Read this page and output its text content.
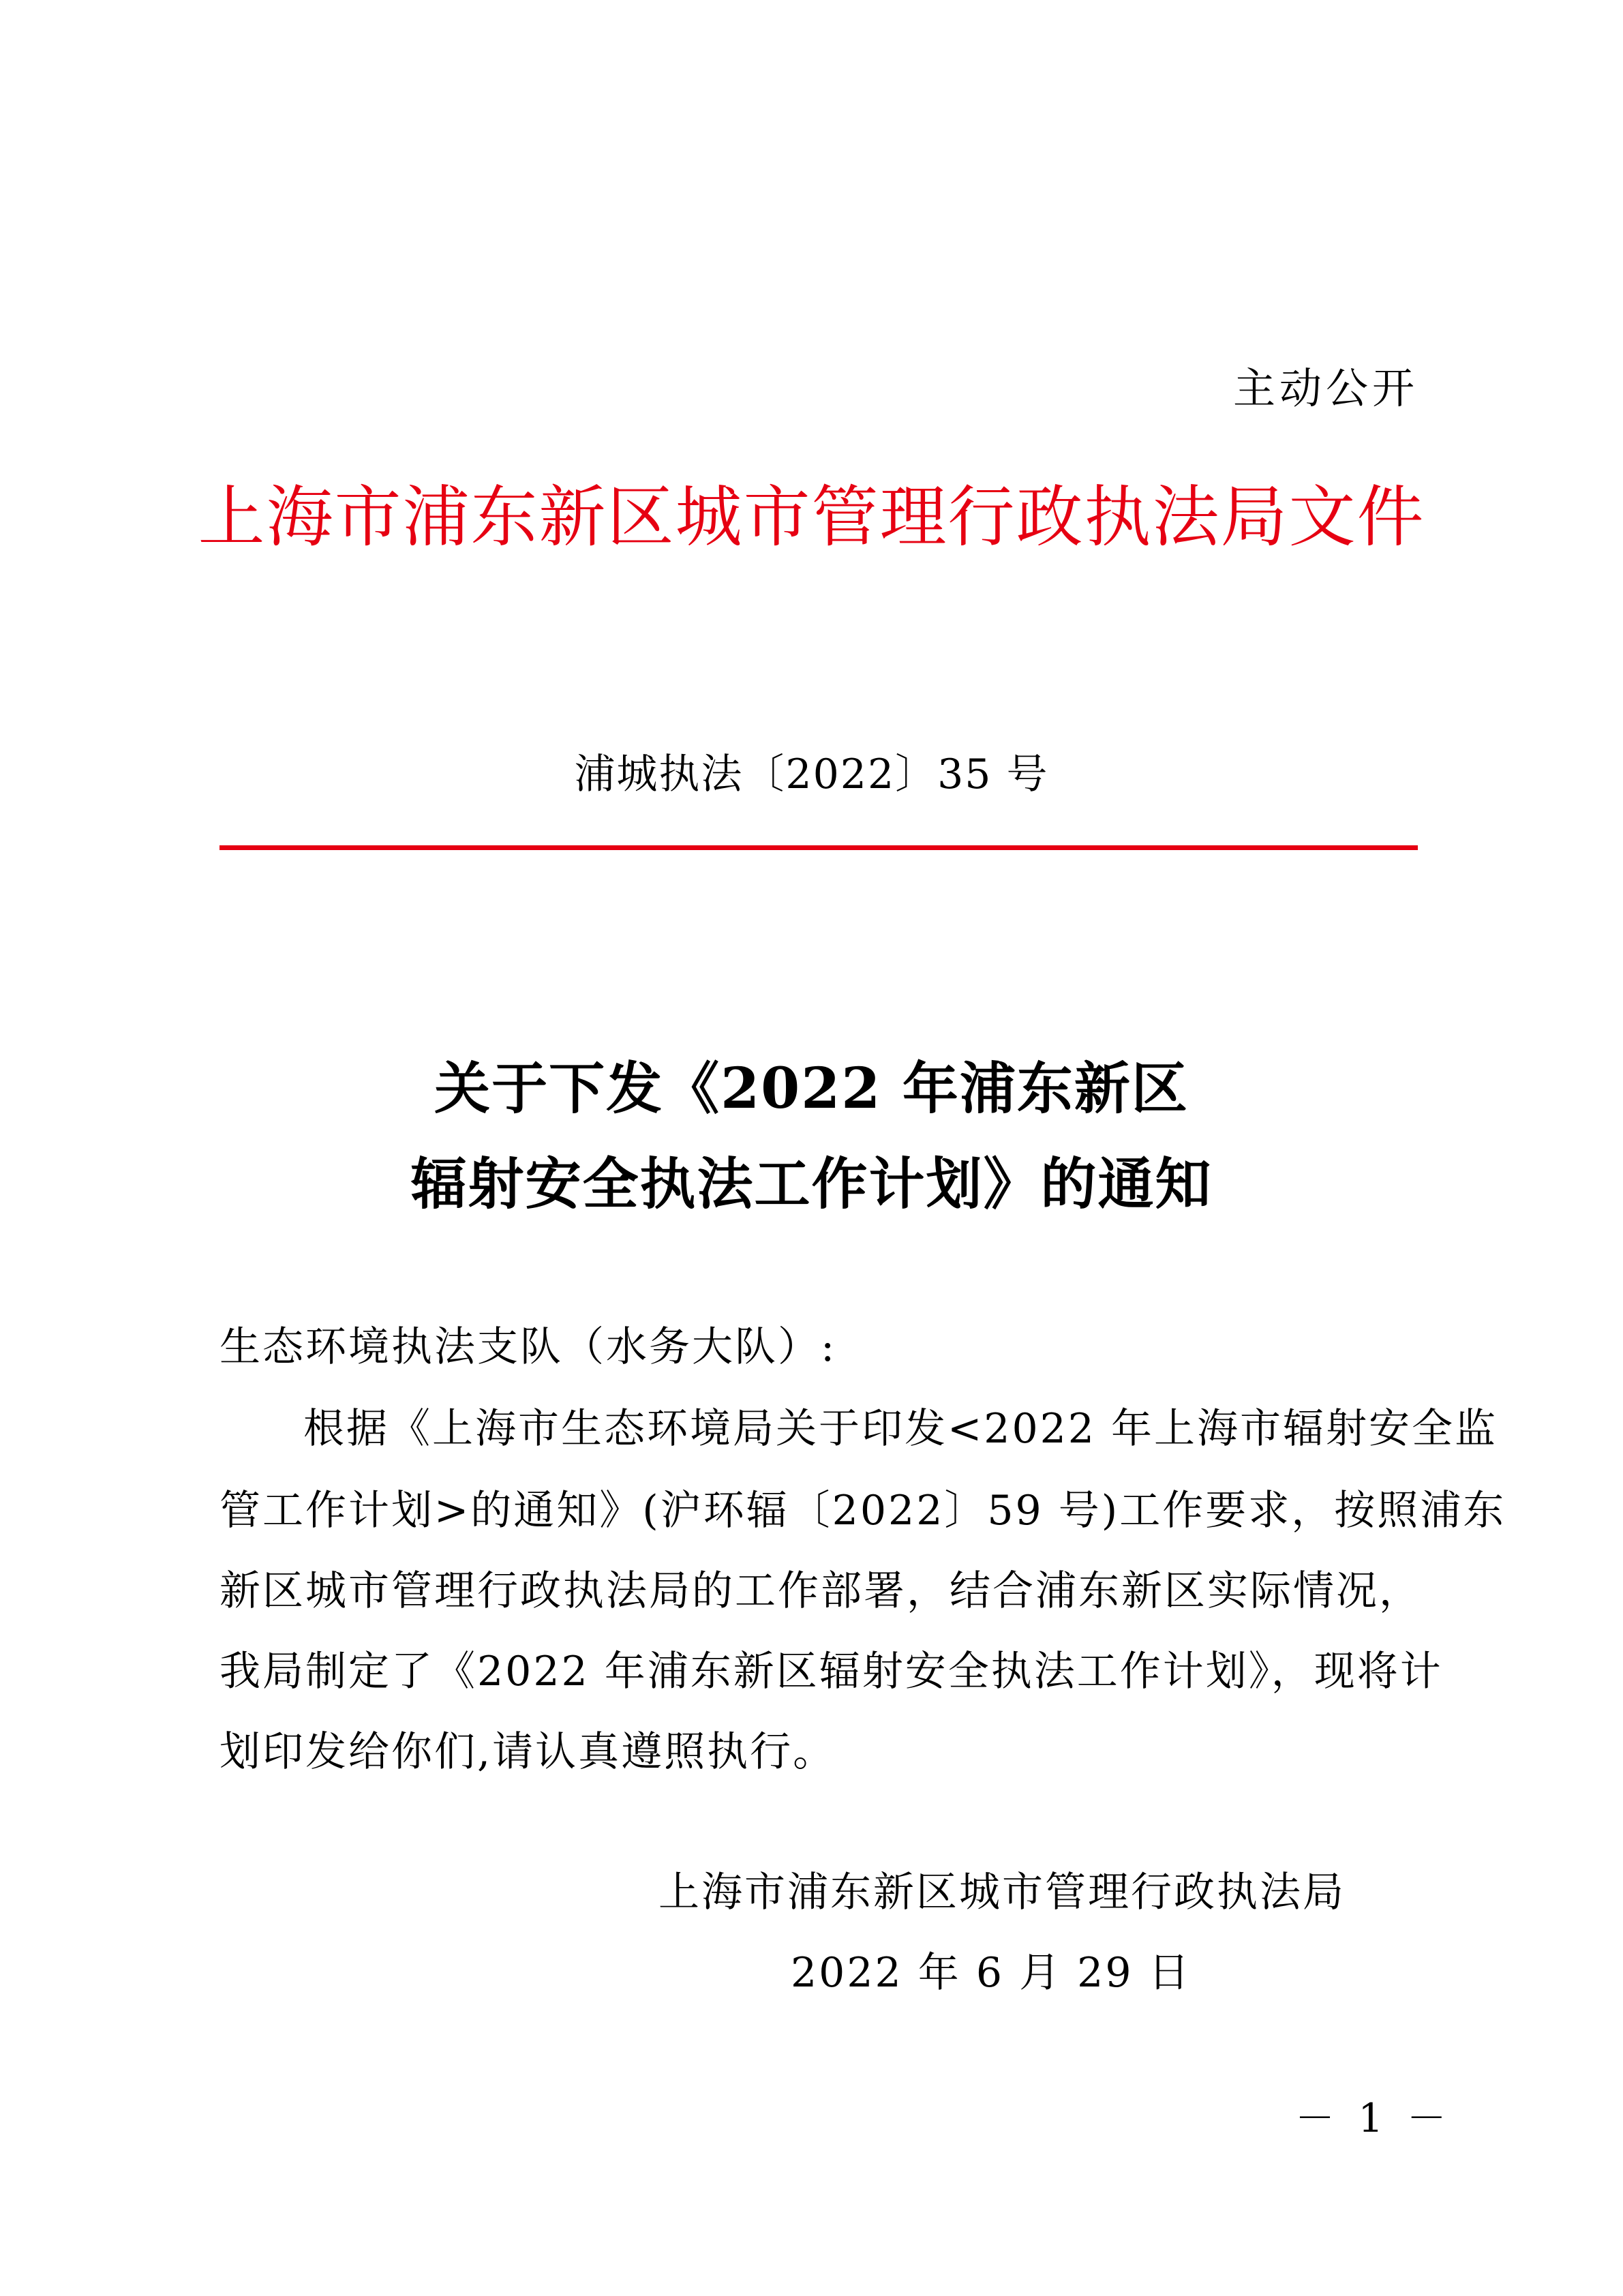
主动公开
上海市浦东新区城市管理行政执法局文件
浦城执法〔2022〕35 号
关于下发《2022 年浦东新区
辐射安全执法工作计划》的通知
生态环境执法支队（水务大队）:
根据《上海市生态环境局关于印发<2022 年上海市辐射安全监
管工作计划>的通知》(沪环辐〔2022〕59 号)工作要求，按照浦东
新区城市管理行政执法局的工作部署，结合浦东新区实际情况，
我局制定了《2022 年浦东新区辐射安全执法工作计划》，现将计
划印发给你们,请认真遵照执行。
上海市浦东新区城市管理行政执法局
2022 年 6 月 29 日
－ 1 －
